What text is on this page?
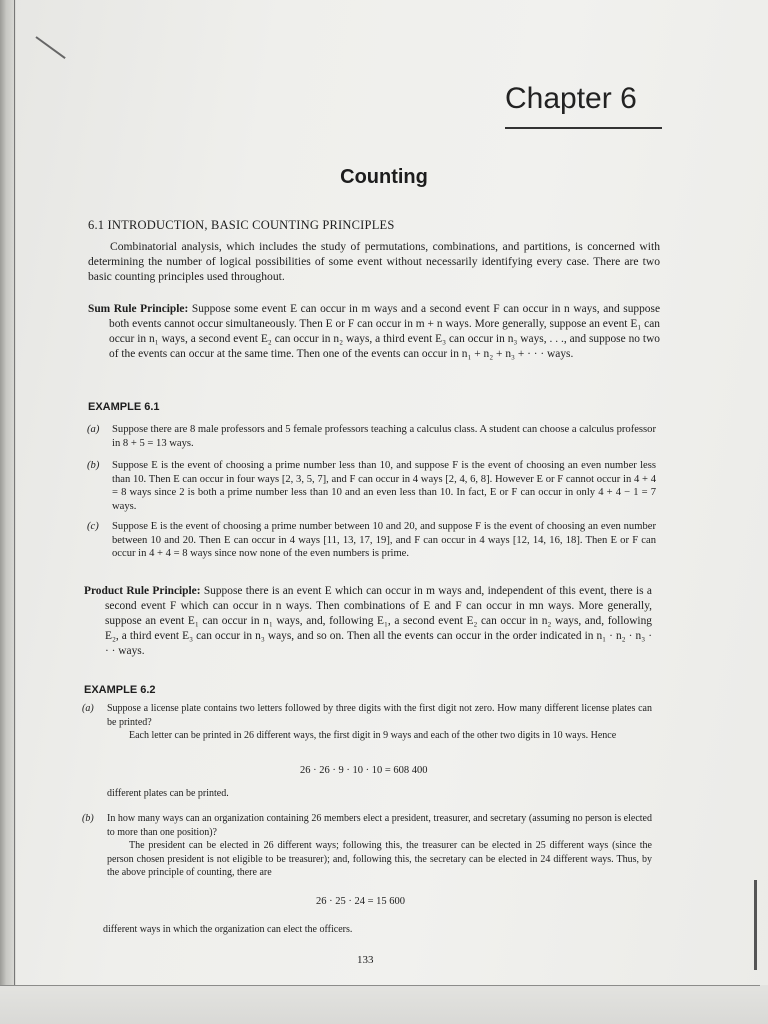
Chapter 6
Counting
6.1 INTRODUCTION, BASIC COUNTING PRINCIPLES
Combinatorial analysis, which includes the study of permutations, combinations, and partitions, is concerned with determining the number of logical possibilities of some event without necessarily identifying every case. There are two basic counting principles used throughout.
Sum Rule Principle: Suppose some event E can occur in m ways and a second event F can occur in n ways, and suppose both events cannot occur simultaneously. Then E or F can occur in m + n ways. More generally, suppose an event E₁ can occur in n₁ ways, a second event E₂ can occur in n₂ ways, a third event E₃ can occur in n₃ ways, . . ., and suppose no two of the events can occur at the same time. Then one of the events can occur in n₁ + n₂ + n₃ + · · · ways.
EXAMPLE 6.1
(a) Suppose there are 8 male professors and 5 female professors teaching a calculus class. A student can choose a calculus professor in 8 + 5 = 13 ways.
(b) Suppose E is the event of choosing a prime number less than 10, and suppose F is the event of choosing an even number less than 10. Then E can occur in four ways [2, 3, 5, 7], and F can occur in 4 ways [2, 4, 6, 8]. However E or F cannot occur in 4 + 4 = 8 ways since 2 is both a prime number less than 10 and an even less than 10. In fact, E or F can occur in only 4 + 4 − 1 = 7 ways.
(c) Suppose E is the event of choosing a prime number between 10 and 20, and suppose F is the event of choosing an even number between 10 and 20. Then E can occur in 4 ways [11, 13, 17, 19], and F can occur in 4 ways [12, 14, 16, 18]. Then E or F can occur in 4 + 4 = 8 ways since now none of the even numbers is prime.
Product Rule Principle: Suppose there is an event E which can occur in m ways and, independent of this event, there is a second event F which can occur in n ways. Then combinations of E and F can occur in mn ways. More generally, suppose an event E₁ can occur in n₁ ways, and, following E₁, a second event E₂ can occur in n₂ ways, and, following E₂, a third event E₃ can occur in n₃ ways, and so on. Then all the events can occur in the order indicated in n₁ · n₂ · n₃ · · · ways.
EXAMPLE 6.2
(a) Suppose a license plate contains two letters followed by three digits with the first digit not zero. How many different license plates can be printed?
Each letter can be printed in 26 different ways, the first digit in 9 ways and each of the other two digits in 10 ways. Hence
26 · 26 · 9 · 10 · 10 = 608 400
different plates can be printed.
(b) In how many ways can an organization containing 26 members elect a president, treasurer, and secretary (assuming no person is elected to more than one position)?
The president can be elected in 26 different ways; following this, the treasurer can be elected in 25 different ways (since the person chosen president is not eligible to be treasurer); and, following this, the secretary can be elected in 24 different ways. Thus, by the above principle of counting, there are
26 · 25 · 24 = 15 600
different ways in which the organization can elect the officers.
133
